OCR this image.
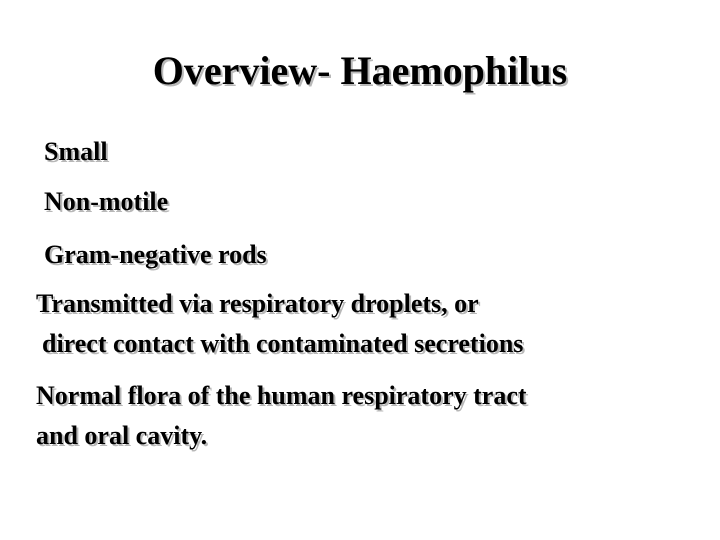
Overview- Haemophilus
Small
Non-motile
Gram-negative rods
Transmitted via respiratory droplets, or
direct contact with contaminated secretions
Normal flora of the human respiratory tract
and oral cavity.
